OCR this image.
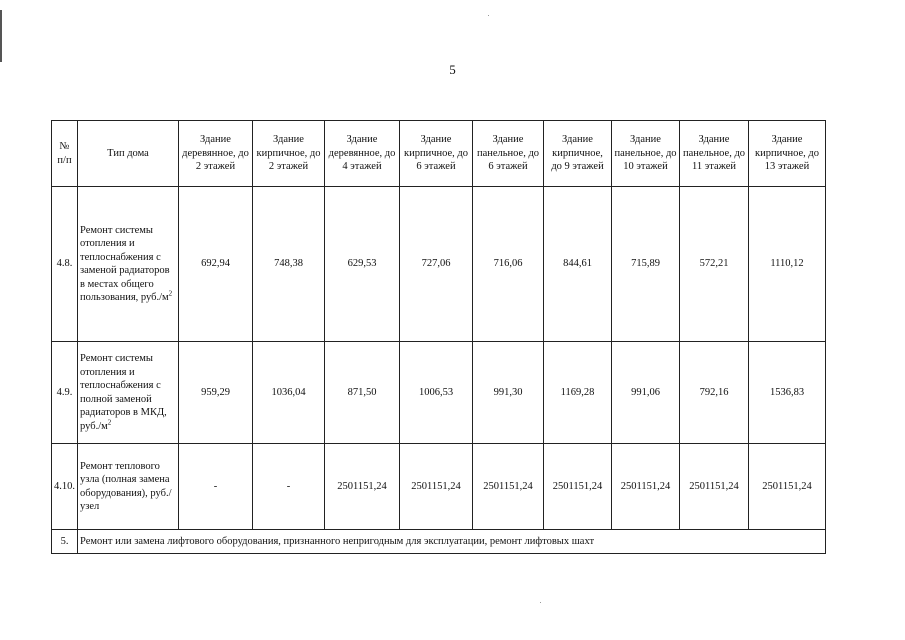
5
№ п/п	Тип дома	Здание деревянное, до 2 этажей	Здание кирпичное, до 2 этажей	Здание деревянное, до 4 этажей	Здание кирпичное, до 6 этажей	Здание панельное, до 6 этажей	Здание кирпичное, до 9 этажей	Здание панельное, до 10 этажей	Здание панельное, до 11 этажей	Здание кирпичное, до 13 этажей
4.8.	Ремонт системы отопления и теплоснабжения с заменой радиаторов в местах общего пользования, $руб./м^2$	692,94	748,38	629,53	727,06	716,06	844,61	715,89	572,21	1110,12
4.9.	Ремонт системы отопления и теплоснабжения с полной заменой радиаторов в МКД, $руб./м^2$	959,29	1036,04	871,50	1006,53	991,30	1169,28	991,06	792,16	1536,83
4.10.	Ремонт теплового узла (полная замена оборудования), руб./узел	-	-	2501151,24	2501151,24	2501151,24	2501151,24	2501151,24	2501151,24	2501151,24
5.	Ремонт или замена лифтового оборудования, признанного непригодным для эксплуатации, ремонт лифтовых шахт									
